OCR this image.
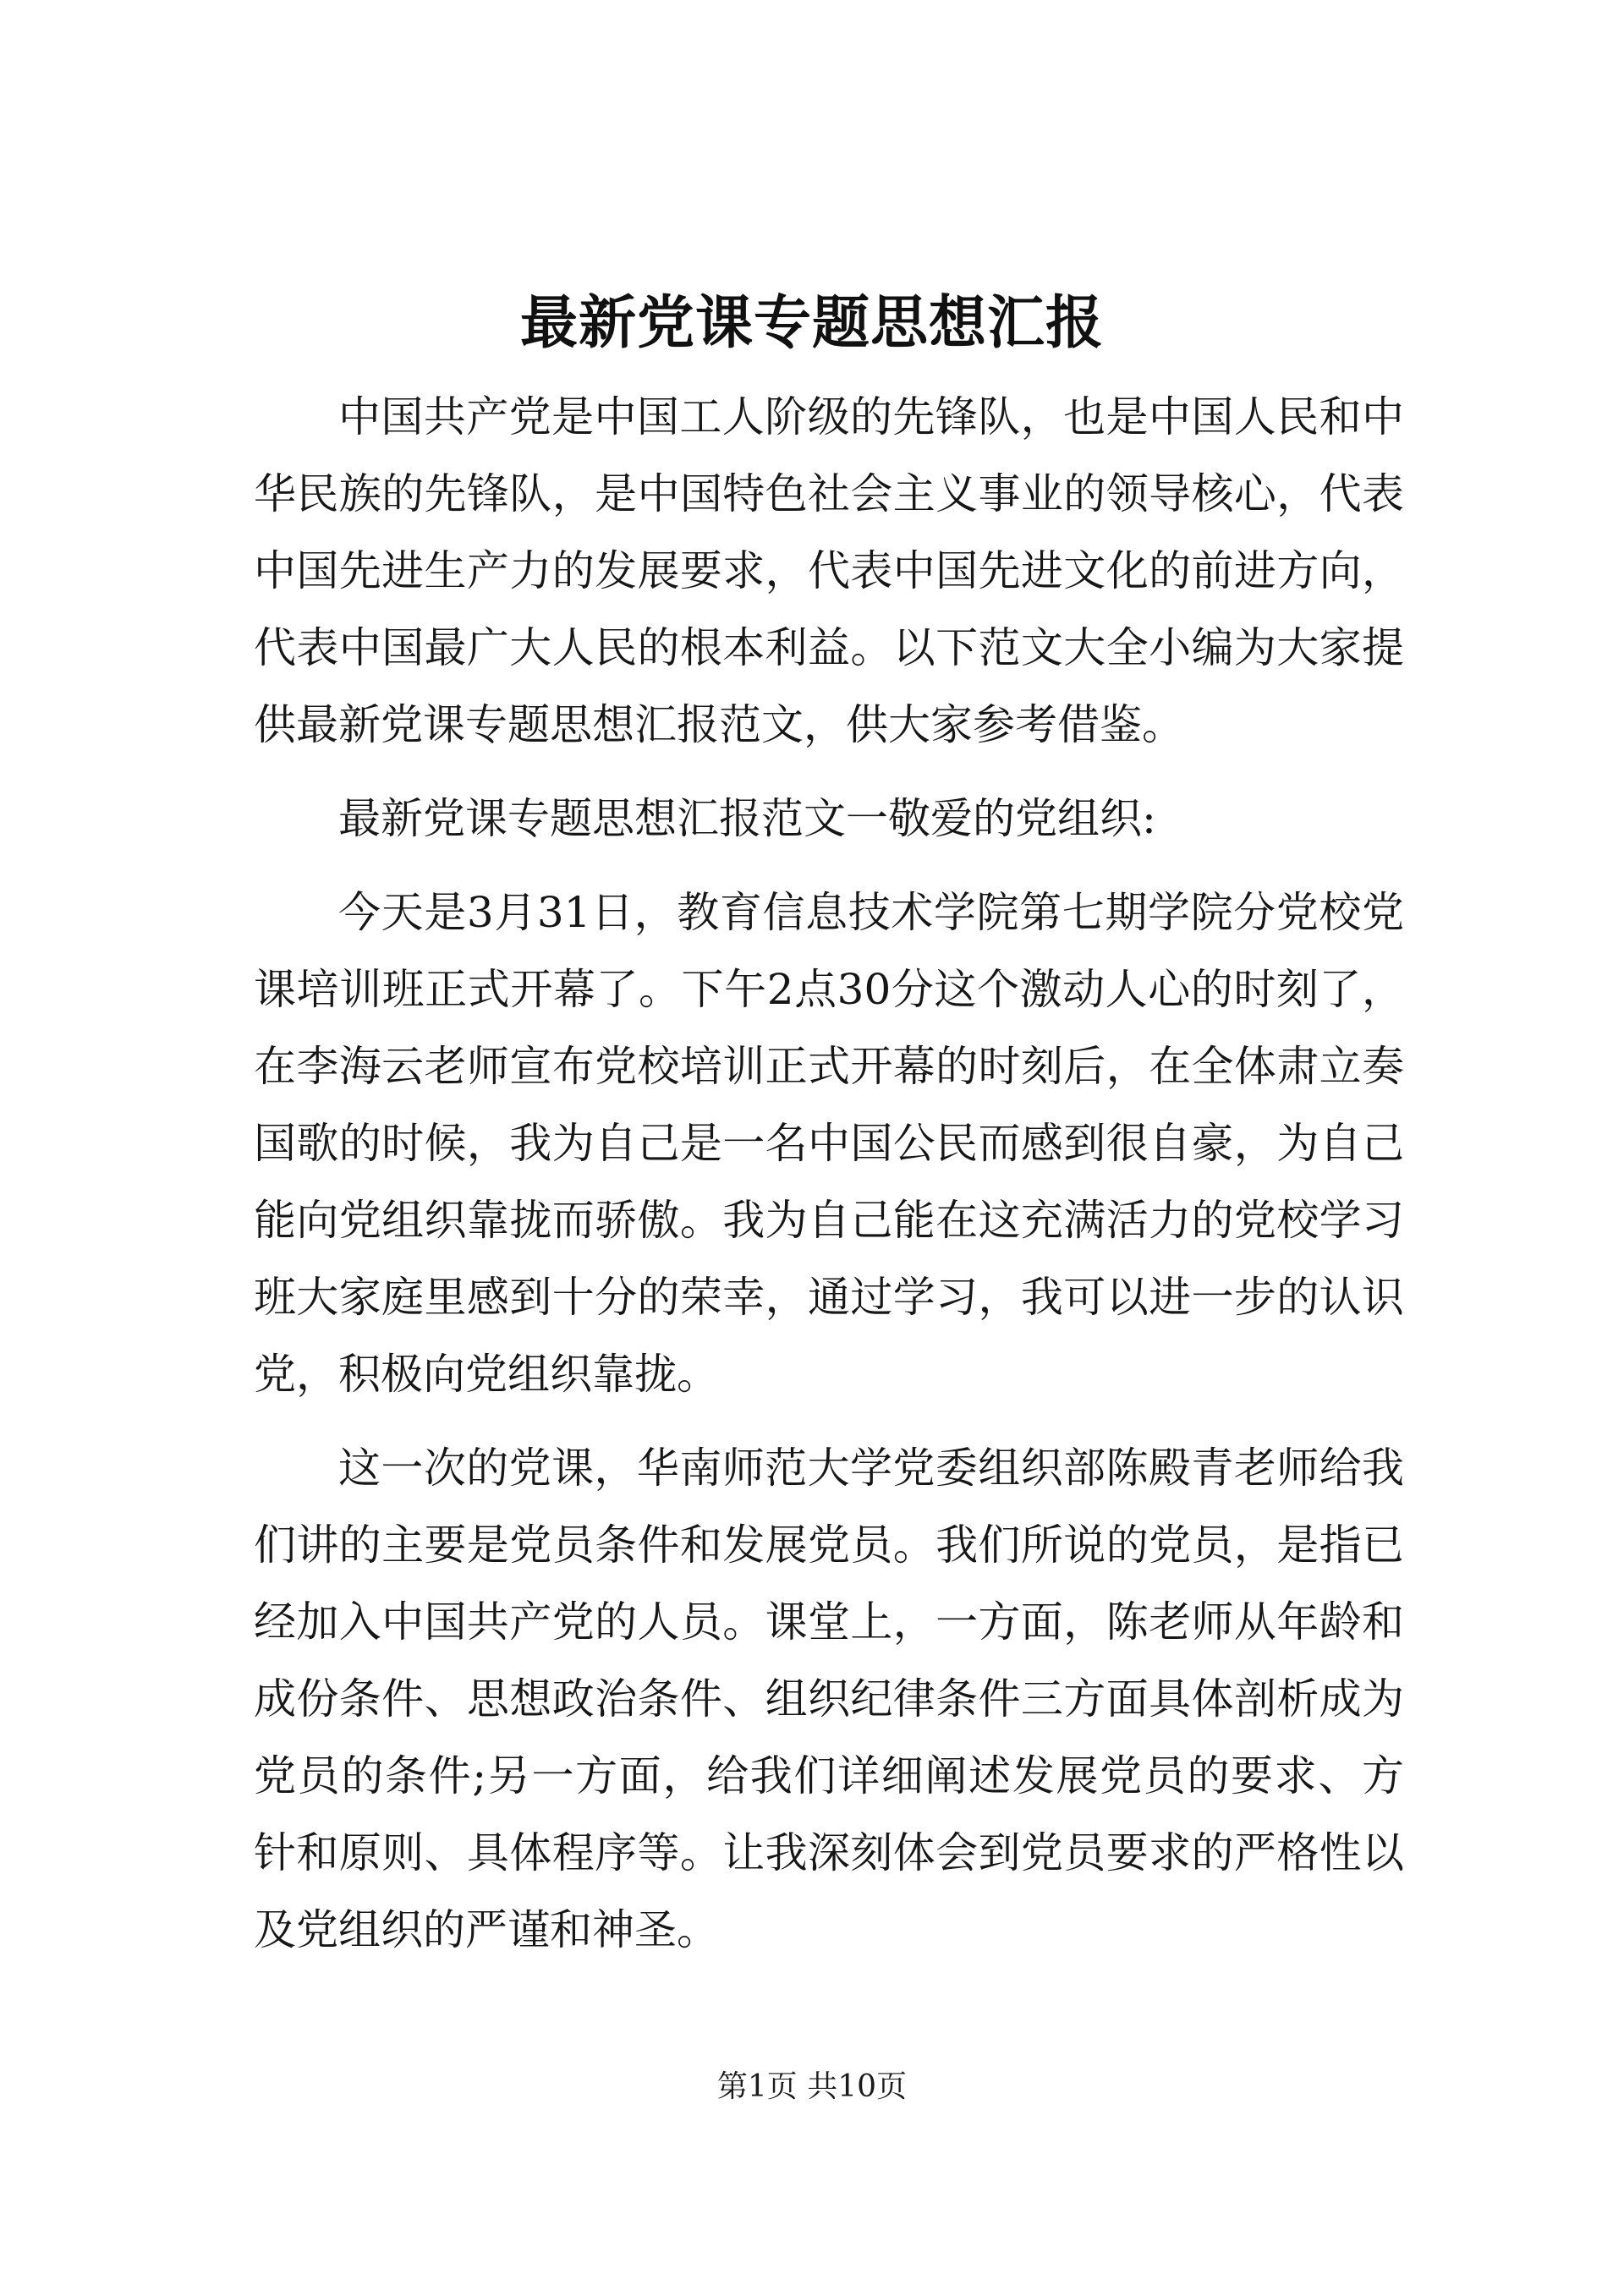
最新党课专题思想汇报

中国共产党是中国工人阶级的先锋队，也是中国人民和中华民族的先锋队，是中国特色社会主义事业的领导核心，代表中国先进生产力的发展要求，代表中国先进文化的前进方向，代表中国最广大人民的根本利益。以下范文大全小编为大家提供最新党课专题思想汇报范文，供大家参考借鉴。

最新党课专题思想汇报范文一敬爱的党组织:

今天是3月31日，教育信息技术学院第七期学院分党校党课培训班正式开幕了。下午2点30分这个激动人心的时刻了，在李海云老师宣布党校培训正式开幕的时刻后，在全体肃立奏国歌的时候，我为自己是一名中国公民而感到很自豪，为自己能向党组织靠拢而骄傲。我为自己能在这充满活力的党校学习班大家庭里感到十分的荣幸，通过学习，我可以进一步的认识党，积极向党组织靠拢。

这一次的党课，华南师范大学党委组织部陈殿青老师给我们讲的主要是党员条件和发展党员。我们所说的党员，是指已经加入中国共产党的人员。课堂上，一方面，陈老师从年龄和成份条件、思想政治条件、组织纪律条件三方面具体剖析成为党员的条件;另一方面，给我们详细阐述发展党员的要求、方针和原则、具体程序等。让我深刻体会到党员要求的严格性以及党组织的严谨和神圣。

第1页 共10页
